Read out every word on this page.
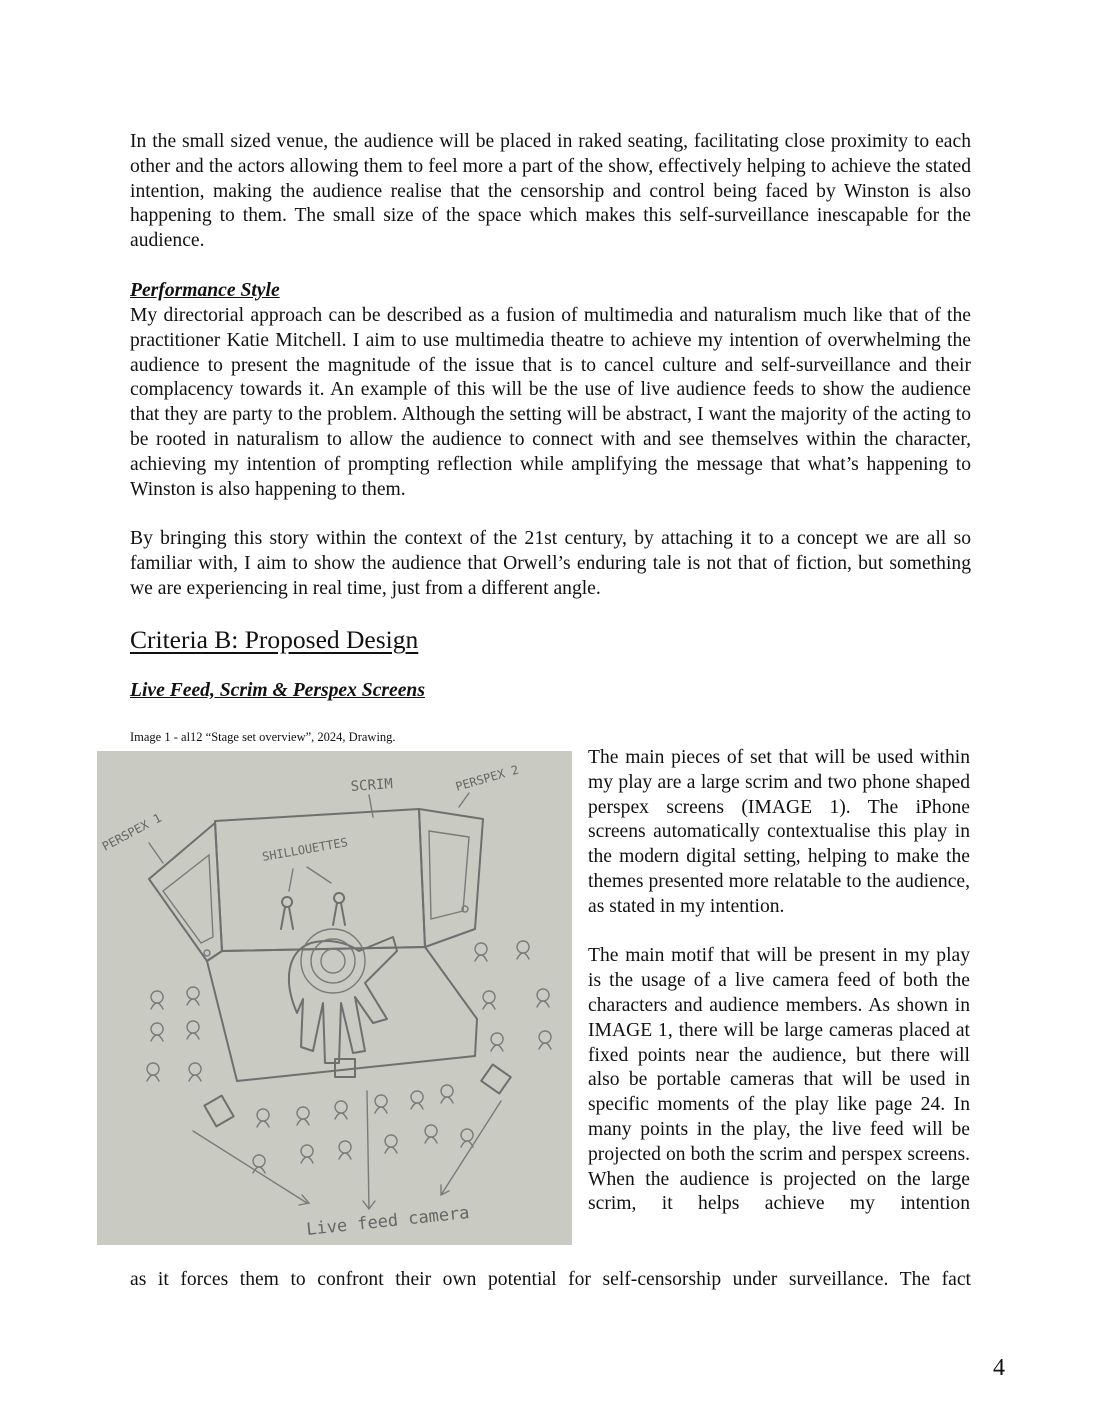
In the small sized venue, the audience will be placed in raked seating, facilitating close proximity to each other and the actors allowing them to feel more a part of the show, effectively helping to achieve the stated intention, making the audience realise that the censorship and control being faced by Winston is also happening to them. The small size of the space which makes this self-surveillance inescapable for the audience.
Performance Style
My directorial approach can be described as a fusion of multimedia and naturalism much like that of the practitioner Katie Mitchell. I aim to use multimedia theatre to achieve my intention of overwhelming the audience to present the magnitude of the issue that is to cancel culture and self-surveillance and their complacency towards it. An example of this will be the use of live audience feeds to show the audience that they are party to the problem. Although the setting will be abstract, I want the majority of the acting to be rooted in naturalism to allow the audience to connect with and see themselves within the character, achieving my intention of prompting reflection while amplifying the message that what’s happening to Winston is also happening to them.
By bringing this story within the context of the 21st century, by attaching it to a concept we are all so familiar with, I aim to show the audience that Orwell’s enduring tale is not that of fiction, but something we are experiencing in real time, just from a different angle.
Criteria B: Proposed Design
Live Feed, Scrim & Perspex Screens
Image 1 - al12 “Stage set overview”, 2024, Drawing.
SCRIM
PERSPEX 1
PERSPEX 2
SHILLOUETTES
Live feed camera

The main pieces of set that will be used within my play are a large scrim and two phone shaped perspex screens (IMAGE 1). The iPhone screens automatically contextualise this play in the modern digital setting, helping to make the themes presented more relatable to the audience, as stated in my intention.

The main motif that will be present in my play is the usage of a live camera feed of both the characters and audience members. As shown in IMAGE 1, there will be large cameras placed at fixed points near the audience, but there will also be portable cameras that will be used in specific moments of the play like page 24. In many points in the play, the live feed will be projected on both the scrim and perspex screens. When the audience is projected on the large scrim, it helps achieve my intention

as it forces them to confront their own potential for self-censorship under surveillance. The fact
4
